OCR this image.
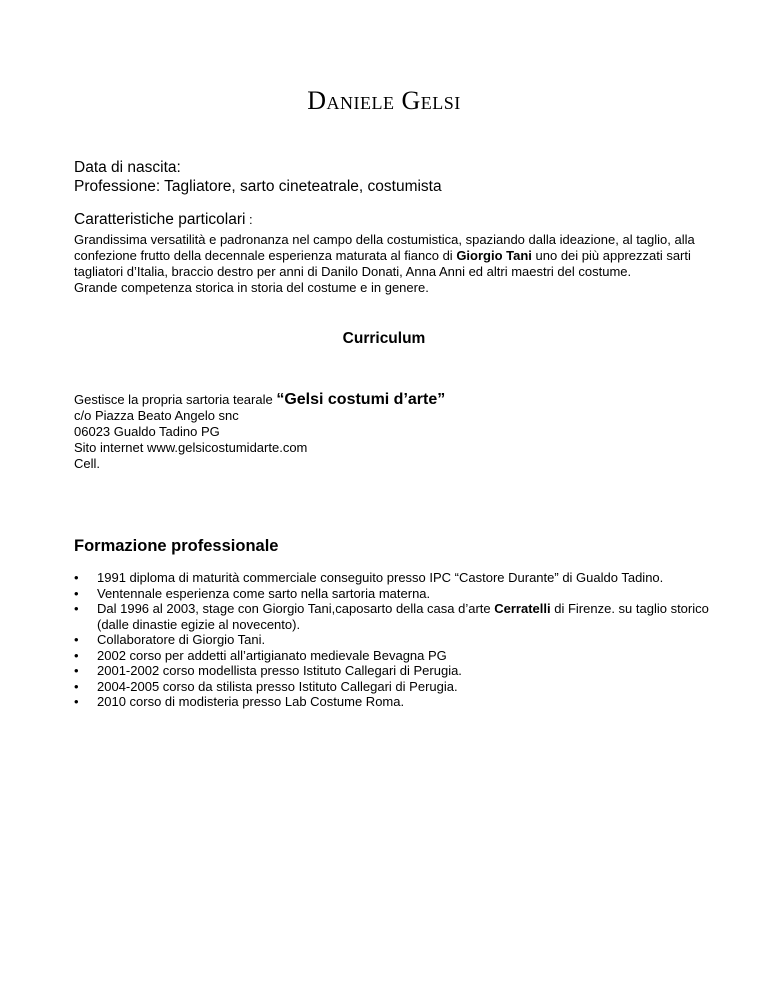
Daniele Gelsi
Data di nascita:
Professione: Tagliatore, sarto cineteatrale, costumista
Caratteristiche particolari :
Grandissima versatilità e padronanza nel campo della costumistica, spaziando dalla ideazione, al taglio, alla confezione frutto della decennale esperienza maturata al fianco di Giorgio Tani uno dei più apprezzati sarti tagliatori d’Italia, braccio destro per anni di Danilo Donati, Anna Anni ed altri maestri del costume.
Grande competenza storica in storia del costume e in genere.
Curriculum
Gestisce la propria sartoria tearale “Gelsi costumi d’arte”
c/o Piazza Beato Angelo snc
06023 Gualdo Tadino PG
Sito internet www.gelsicostumidarte.com
Cell.
Formazione professionale
• 1991 diploma di maturità commerciale conseguito presso IPC “Castore Durante” di Gualdo Tadino.
• Ventennale esperienza come sarto nella sartoria materna.
• Dal 1996 al 2003, stage con Giorgio Tani,caposarto della casa d’arte Cerratelli di Firenze. su taglio storico (dalle dinastie egizie al novecento).
• Collaboratore di Giorgio Tani.
• 2002 corso per addetti all’artigianato medievale Bevagna PG
• 2001-2002 corso modellista presso Istituto Callegari di Perugia.
• 2004-2005 corso da stilista presso Istituto Callegari di Perugia.
• 2010 corso di modisteria presso Lab Costume Roma.
